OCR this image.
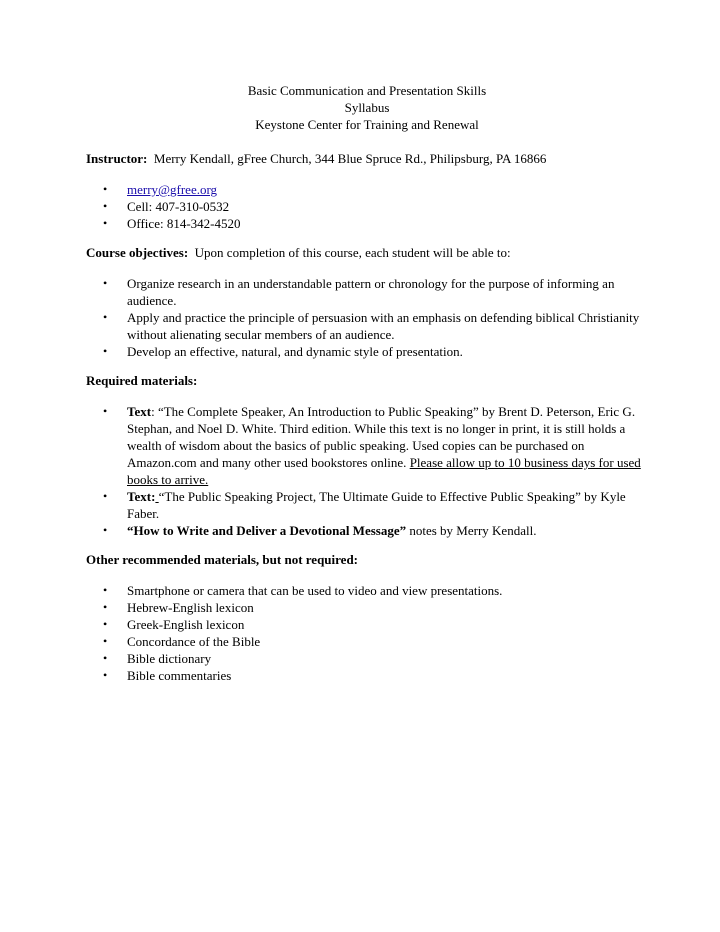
Basic Communication and Presentation Skills
Syllabus
Keystone Center for Training and Renewal

Instructor: Merry Kendall, gFree Church, 344 Blue Spruce Rd., Philipsburg, PA 16866

• merry@gfree.org
• Cell: 407-310-0532
• Office: 814-342-4520

Course objectives: Upon completion of this course, each student will be able to:

• Organize research in an understandable pattern or chronology for the purpose of informing an audience.
• Apply and practice the principle of persuasion with an emphasis on defending biblical Christianity without alienating secular members of an audience.
• Develop an effective, natural, and dynamic style of presentation.

Required materials:

• Text: “The Complete Speaker, An Introduction to Public Speaking” by Brent D. Peterson, Eric G. Stephan, and Noel D. White. Third edition. While this text is no longer in print, it is still holds a wealth of wisdom about the basics of public speaking. Used copies can be purchased on Amazon.com and many other used bookstores online. Please allow up to 10 business days for used books to arrive.
• Text: “The Public Speaking Project, The Ultimate Guide to Effective Public Speaking” by Kyle Faber.
• “How to Write and Deliver a Devotional Message” notes by Merry Kendall.

Other recommended materials, but not required:

• Smartphone or camera that can be used to video and view presentations.
• Hebrew-English lexicon
• Greek-English lexicon
• Concordance of the Bible
• Bible dictionary
• Bible commentaries
